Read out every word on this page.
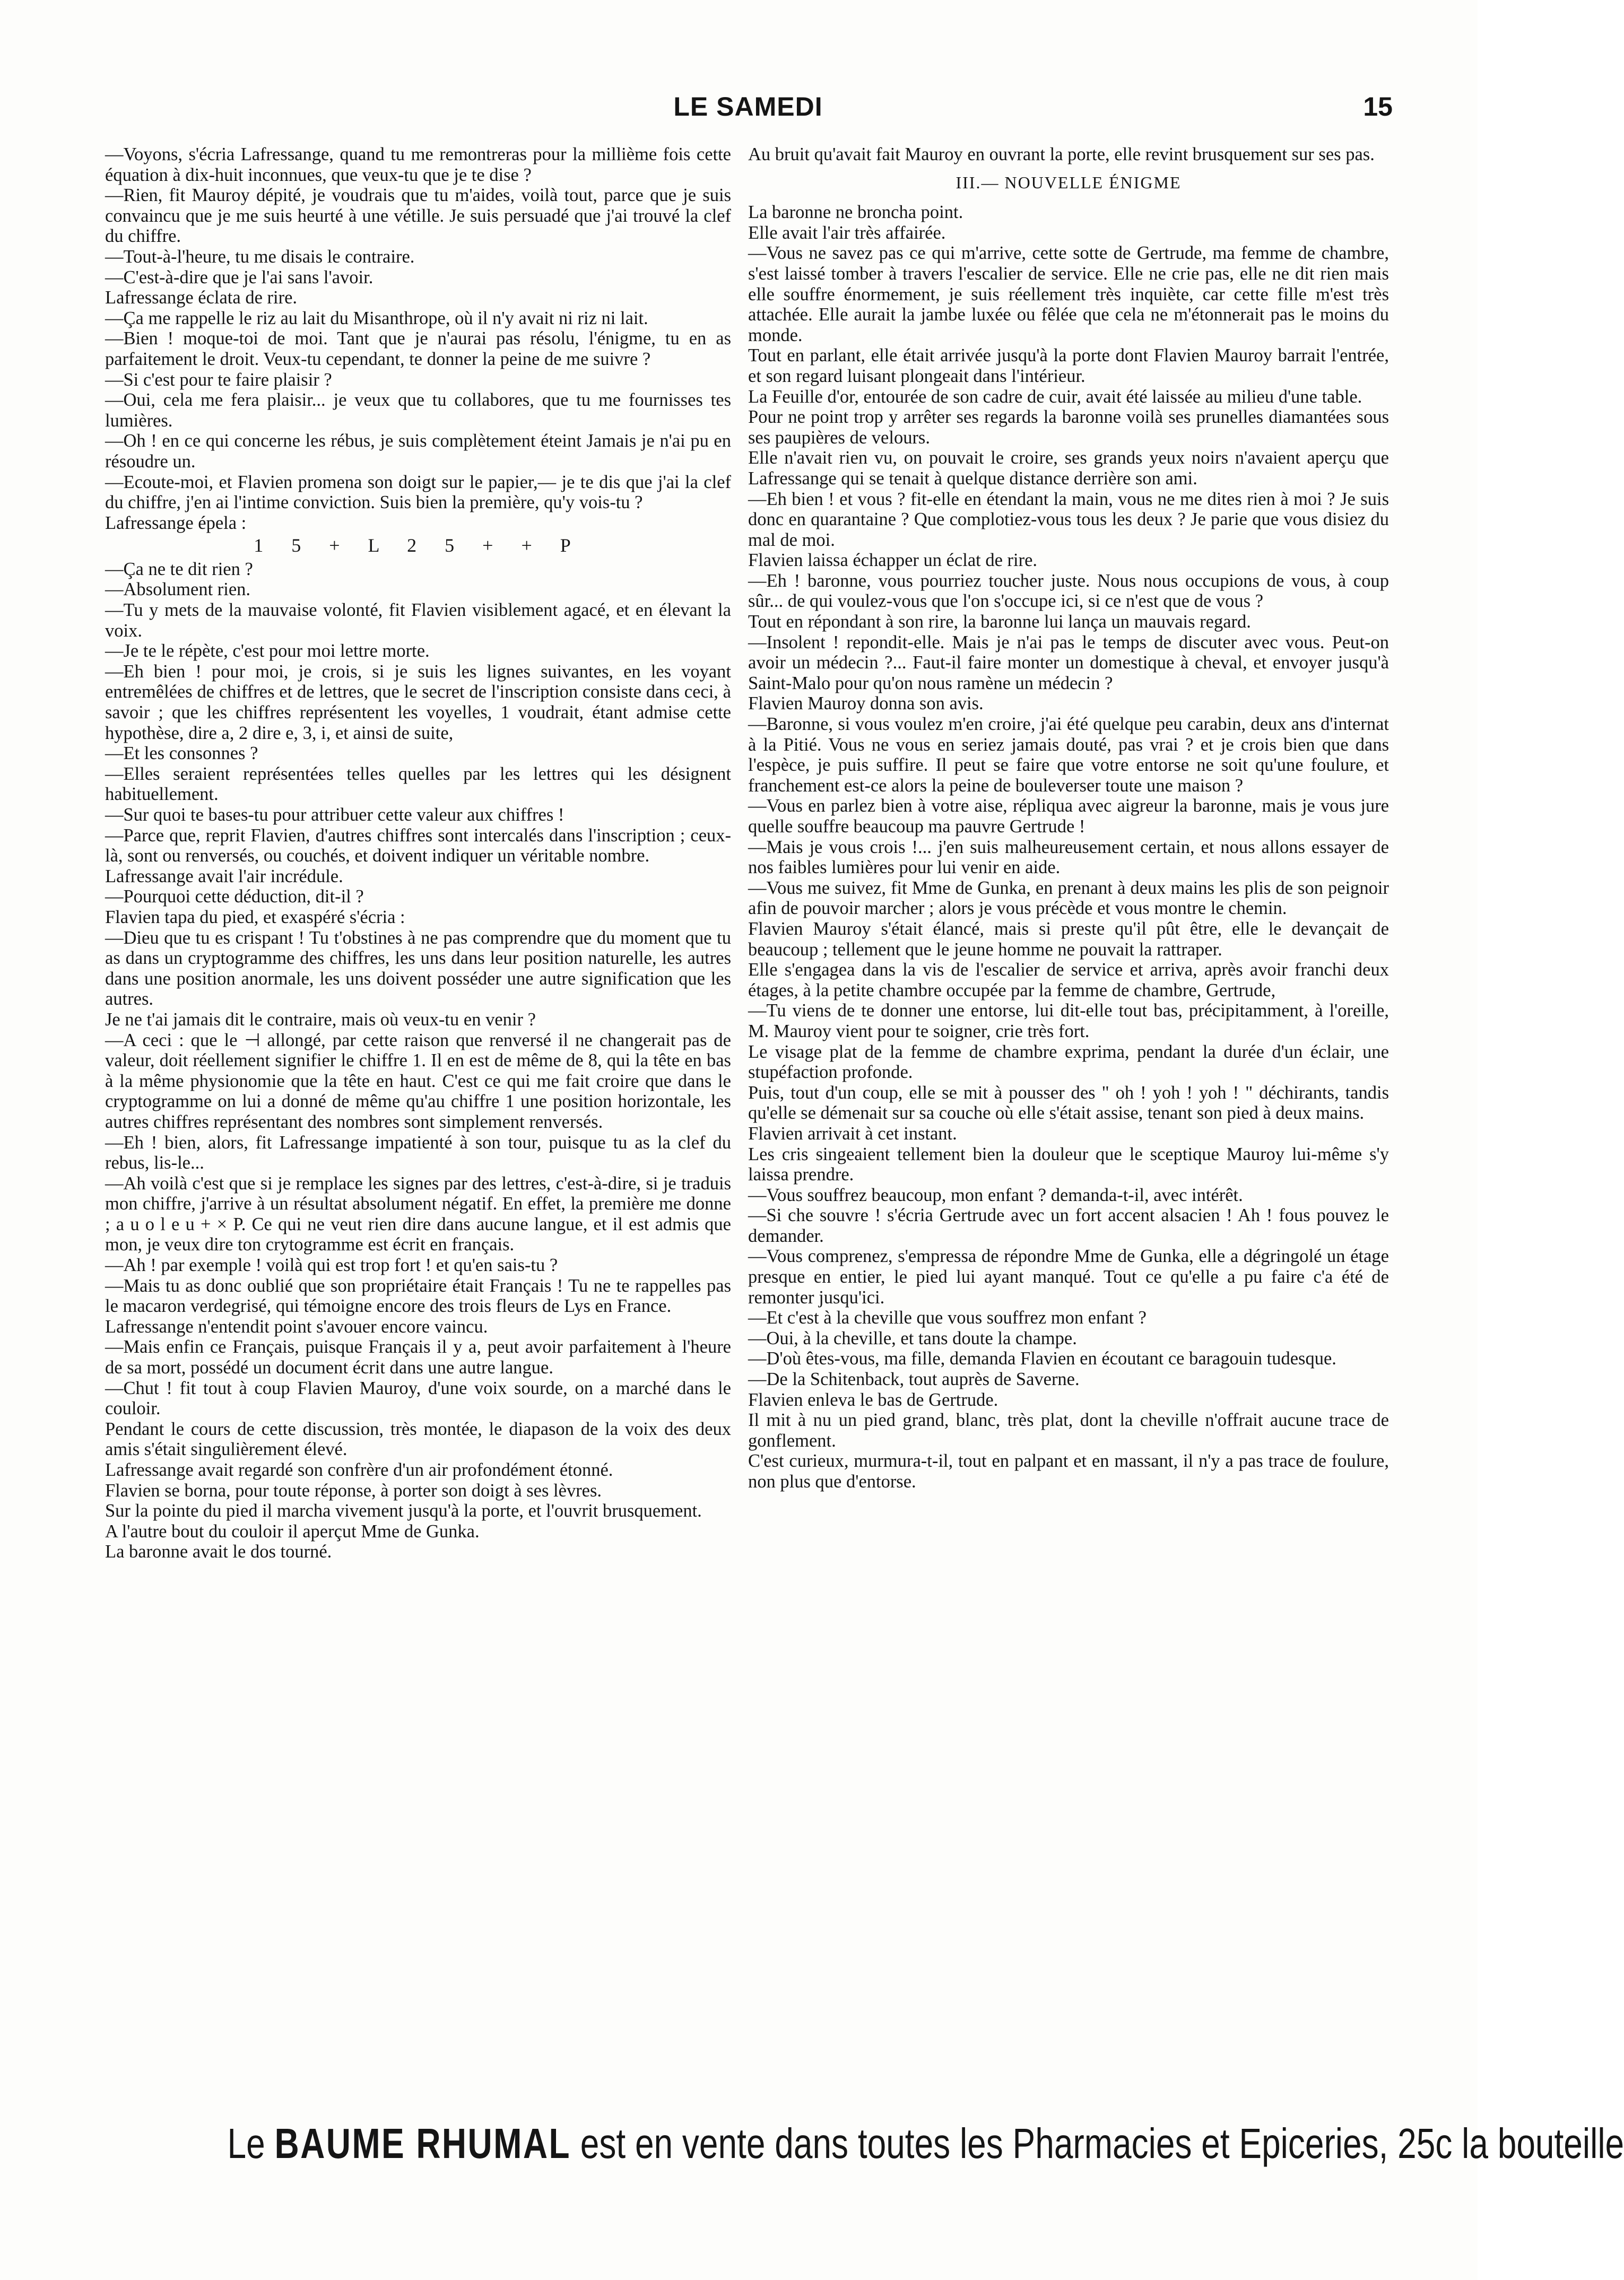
LE SAMEDI	15

—Voyons, s'écria Lafressange, quand tu me remontreras pour la millième fois cette équation à dix-huit inconnues, que veux-tu que je te dise ?

—Rien, fit Mauroy dépité, je voudrais que tu m'aides, voilà tout, parce que je suis convaincu que je me suis heurté à une vétille. Je suis persuadé que j'ai trouvé la clef du chiffre.

—Tout-à-l'heure, tu me disais le contraire.

—C'est-à-dire que je l'ai sans l'avoir.

Lafressange éclata de rire.

—Ça me rappelle le riz au lait du Misanthrope, où il n'y avait ni riz ni lait.

—Bien ! moque-toi de moi. Tant que je n'aurai pas résolu, l'énigme, tu en as parfaitement le droit. Veux-tu cependant, te donner la peine de me suivre ?

—Si c'est pour te faire plaisir ?

—Oui, cela me fera plaisir... je veux que tu collabores, que tu me fournisses tes lumières.

—Oh ! en ce qui concerne les rébus, je suis complètement éteint Jamais je n'ai pu en résoudre un.

—Ecoute-moi, et Flavien promena son doigt sur le papier,— je te dis que j'ai la clef du chiffre, j'en ai l'intime conviction. Suis bien la première, qu'y vois-tu ?

Lafressange épela :

1 5 + L 2 5 + + P

—Ça ne te dit rien ?

—Absolument rien.

—Tu y mets de la mauvaise volonté, fit Flavien visiblement agacé, et en élevant la voix.

—Je te le répète, c'est pour moi lettre morte.

—Eh bien ! pour moi, je crois, si je suis les lignes suivantes, en les voyant entremêlées de chiffres et de lettres, que le secret de l'inscription consiste dans ceci, à savoir ; que les chiffres représentent les voyelles, 1 voudrait, étant admise cette hypothèse, dire a, 2 dire e, 3, i, et ainsi de suite,

—Et les consonnes ?

—Elles seraient représentées telles quelles par les lettres qui les désignent habituellement.

—Sur quoi te bases-tu pour attribuer cette valeur aux chiffres !

—Parce que, reprit Flavien, d'autres chiffres sont intercalés dans l'inscription ; ceux-là, sont ou renversés, ou couchés, et doivent indiquer un véritable nombre.

Lafressange avait l'air incrédule.

—Pourquoi cette déduction, dit-il ?

Flavien tapa du pied, et exaspéré s'écria :

—Dieu que tu es crispant ! Tu t'obstines à ne pas comprendre que du moment que tu as dans un cryptogramme des chiffres, les uns dans leur position naturelle, les autres dans une position anormale, les uns doivent posséder une autre signification que les autres.

Je ne t'ai jamais dit le contraire, mais où veux-tu en venir ?

—A ceci : que le ⊣ allongé, par cette raison que renversé il ne changerait pas de valeur, doit réellement signifier le chiffre 1. Il en est de même de 8, qui la tête en bas à la même physionomie que la tête en haut. C'est ce qui me fait croire que dans le cryptogramme on lui a donné de même qu'au chiffre 1 une position horizontale, les autres chiffres représentant des nombres sont simplement renversés.

—Eh ! bien, alors, fit Lafressange impatienté à son tour, puisque tu as la clef du rebus, lis-le...

—Ah voilà c'est que si je remplace les signes par des lettres, c'est-à-dire, si je traduis mon chiffre, j'arrive à un résultat absolument négatif. En effet, la première me donne ; a u o l e u + × P. Ce qui ne veut rien dire dans aucune langue, et il est admis que mon, je veux dire ton crytogramme est écrit en français.

—Ah ! par exemple ! voilà qui est trop fort ! et qu'en sais-tu ?

—Mais tu as donc oublié que son propriétaire était Français ! Tu ne te rappelles pas le macaron verdegrisé, qui témoigne encore des trois fleurs de Lys en France.

Lafressange n'entendit point s'avouer encore vaincu.

—Mais enfin ce Français, puisque Français il y a, peut avoir parfaitement à l'heure de sa mort, possédé un document écrit dans une autre langue.

—Chut ! fit tout à coup Flavien Mauroy, d'une voix sourde, on a marché dans le couloir.

Pendant le cours de cette discussion, très montée, le diapason de la voix des deux amis s'était singulièrement élevé.

Lafressange avait regardé son confrère d'un air profondément étonné.

Flavien se borna, pour toute réponse, à porter son doigt à ses lèvres.

Sur la pointe du pied il marcha vivement jusqu'à la porte, et l'ouvrit brusquement.

A l'autre bout du couloir il aperçut Mme de Gunka.

La baronne avait le dos tourné.

Au bruit qu'avait fait Mauroy en ouvrant la porte, elle revint brusquement sur ses pas.

III.— NOUVELLE ÉNIGME

La baronne ne broncha point.

Elle avait l'air très affairée.

—Vous ne savez pas ce qui m'arrive, cette sotte de Gertrude, ma femme de chambre, s'est laissé tomber à travers l'escalier de service. Elle ne crie pas, elle ne dit rien mais elle souffre énormement, je suis réellement très inquiète, car cette fille m'est très attachée. Elle aurait la jambe luxée ou fêlée que cela ne m'étonnerait pas le moins du monde.

Tout en parlant, elle était arrivée jusqu'à la porte dont Flavien Mauroy barrait l'entrée, et son regard luisant plongeait dans l'intérieur.

La Feuille d'or, entourée de son cadre de cuir, avait été laissée au milieu d'une table.

Pour ne point trop y arrêter ses regards la baronne voilà ses prunelles diamantées sous ses paupières de velours.

Elle n'avait rien vu, on pouvait le croire, ses grands yeux noirs n'avaient aperçu que Lafressange qui se tenait à quelque distance derrière son ami.

—Eh bien ! et vous ? fit-elle en étendant la main, vous ne me dites rien à moi ? Je suis donc en quarantaine ? Que complotiez-vous tous les deux ? Je parie que vous disiez du mal de moi.

Flavien laissa échapper un éclat de rire.

—Eh ! baronne, vous pourriez toucher juste. Nous nous occupions de vous, à coup sûr... de qui voulez-vous que l'on s'occupe ici, si ce n'est que de vous ?

Tout en répondant à son rire, la baronne lui lança un mauvais regard.

—Insolent ! repondit-elle. Mais je n'ai pas le temps de discuter avec vous. Peut-on avoir un médecin ?... Faut-il faire monter un domestique à cheval, et envoyer jusqu'à Saint-Malo pour qu'on nous ramène un médecin ?

Flavien Mauroy donna son avis.

—Baronne, si vous voulez m'en croire, j'ai été quelque peu carabin, deux ans d'internat à la Pitié. Vous ne vous en seriez jamais douté, pas vrai ? et je crois bien que dans l'espèce, je puis suffire. Il peut se faire que votre entorse ne soit qu'une foulure, et franchement est-ce alors la peine de bouleverser toute une maison ?

—Vous en parlez bien à votre aise, répliqua avec aigreur la baronne, mais je vous jure quelle souffre beaucoup ma pauvre Gertrude !

—Mais je vous crois !... j'en suis malheureusement certain, et nous allons essayer de nos faibles lumières pour lui venir en aide.

—Vous me suivez, fit Mme de Gunka, en prenant à deux mains les plis de son peignoir afin de pouvoir marcher ; alors je vous précède et vous montre le chemin.

Flavien Mauroy s'était élancé, mais si preste qu'il pût être, elle le devançait de beaucoup ; tellement que le jeune homme ne pouvait la rattraper.

Elle s'engagea dans la vis de l'escalier de service et arriva, après avoir franchi deux étages, à la petite chambre occupée par la femme de chambre, Gertrude,

—Tu viens de te donner une entorse, lui dit-elle tout bas, précipitamment, à l'oreille, M. Mauroy vient pour te soigner, crie très fort.

Le visage plat de la femme de chambre exprima, pendant la durée d'un éclair, une stupéfaction profonde.

Puis, tout d'un coup, elle se mit à pousser des " oh ! yoh ! yoh ! " déchirants, tandis qu'elle se démenait sur sa couche où elle s'était assise, tenant son pied à deux mains.

Flavien arrivait à cet instant.

Les cris singeaient tellement bien la douleur que le sceptique Mauroy lui-même s'y laissa prendre.

—Vous souffrez beaucoup, mon enfant ? demanda-t-il, avec intérêt.

—Si che souvre ! s'écria Gertrude avec un fort accent alsacien ! Ah ! fous pouvez le demander.

—Vous comprenez, s'empressa de répondre Mme de Gunka, elle a dégringolé un étage presque en entier, le pied lui ayant manqué. Tout ce qu'elle a pu faire c'a été de remonter jusqu'ici.

—Et c'est à la cheville que vous souffrez mon enfant ?

—Oui, à la cheville, et tans doute la champe.

—D'où êtes-vous, ma fille, demanda Flavien en écoutant ce baragouin tudesque.

—De la Schitenback, tout auprès de Saverne.

Flavien enleva le bas de Gertrude.

Il mit à nu un pied grand, blanc, très plat, dont la cheville n'offrait aucune trace de gonflement.

C'est curieux, murmura-t-il, tout en palpant et en massant, il n'y a pas trace de foulure, non plus que d'entorse.

Le BAUME RHUMAL est en vente dans toutes les Pharmacies et Epiceries, 25c la bouteille
